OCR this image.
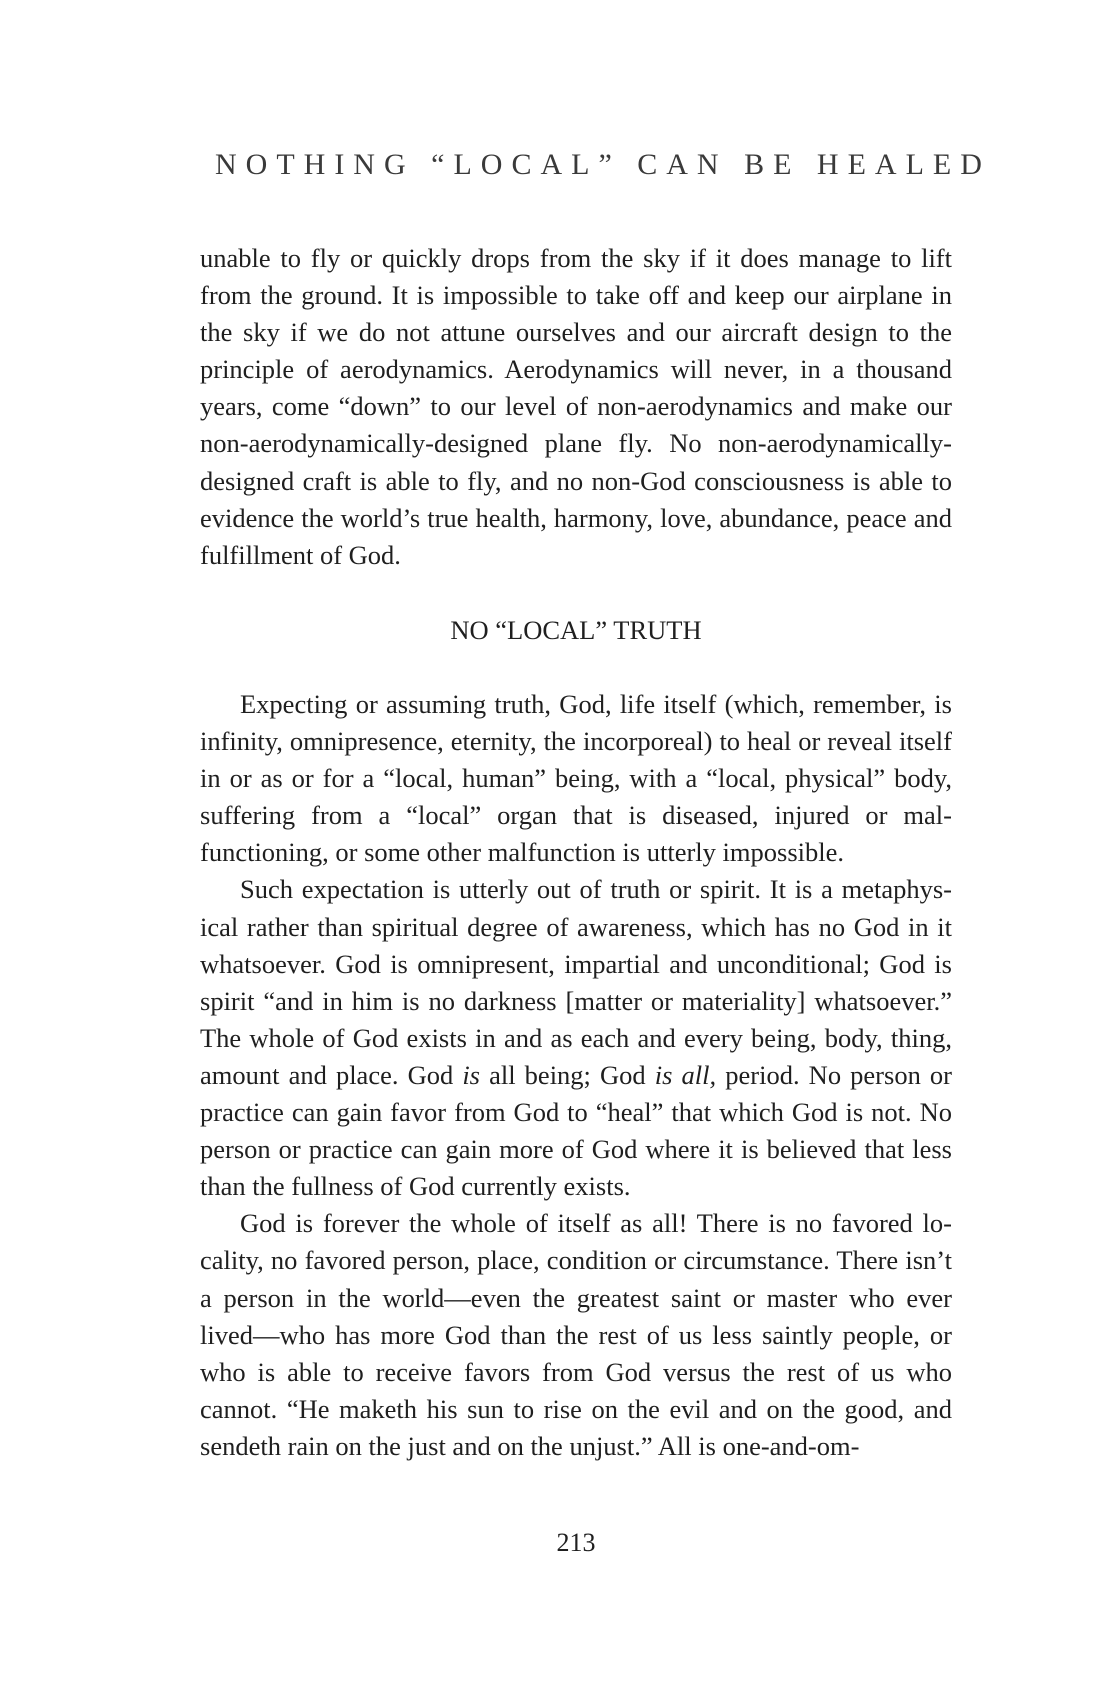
NOTHING “LOCAL” CAN BE HEALED

unable to fly or quickly drops from the sky if it does manage to lift from the ground. It is impossible to take off and keep our airplane in the sky if we do not attune ourselves and our aircraft design to the principle of aerodynamics. Aerodynamics will never, in a thousand years, come “down” to our level of non-aerodynamics and make our non-aerodynamically-designed plane fly. No non-aerodynamically-designed craft is able to fly, and no non-God consciousness is able to evidence the world’s true health, harmony, love, abundance, peace and fulfillment of God.

NO “LOCAL” TRUTH

Expecting or assuming truth, God, life itself (which, remember, is infinity, omnipresence, eternity, the incorporeal) to heal or reveal itself in or as or for a “local, human” being, with a “local, physical” body, suffering from a “local” organ that is diseased, injured or malfunctioning, or some other malfunction is utterly impossible.

Such expectation is utterly out of truth or spirit. It is a metaphysical rather than spiritual degree of awareness, which has no God in it whatsoever. God is omnipresent, impartial and unconditional; God is spirit “and in him is no darkness [matter or materiality] whatsoever.” The whole of God exists in and as each and every being, body, thing, amount and place. God is all being; God is all, period. No person or practice can gain favor from God to “heal” that which God is not. No person or practice can gain more of God where it is believed that less than the fullness of God currently exists.

God is forever the whole of itself as all! There is no favored locality, no favored person, place, condition or circumstance. There isn’t a person in the world—even the greatest saint or master who ever lived—who has more God than the rest of us less saintly people, or who is able to receive favors from God versus the rest of us who cannot. “He maketh his sun to rise on the evil and on the good, and sendeth rain on the just and on the unjust.” All is one-and-om-

213
